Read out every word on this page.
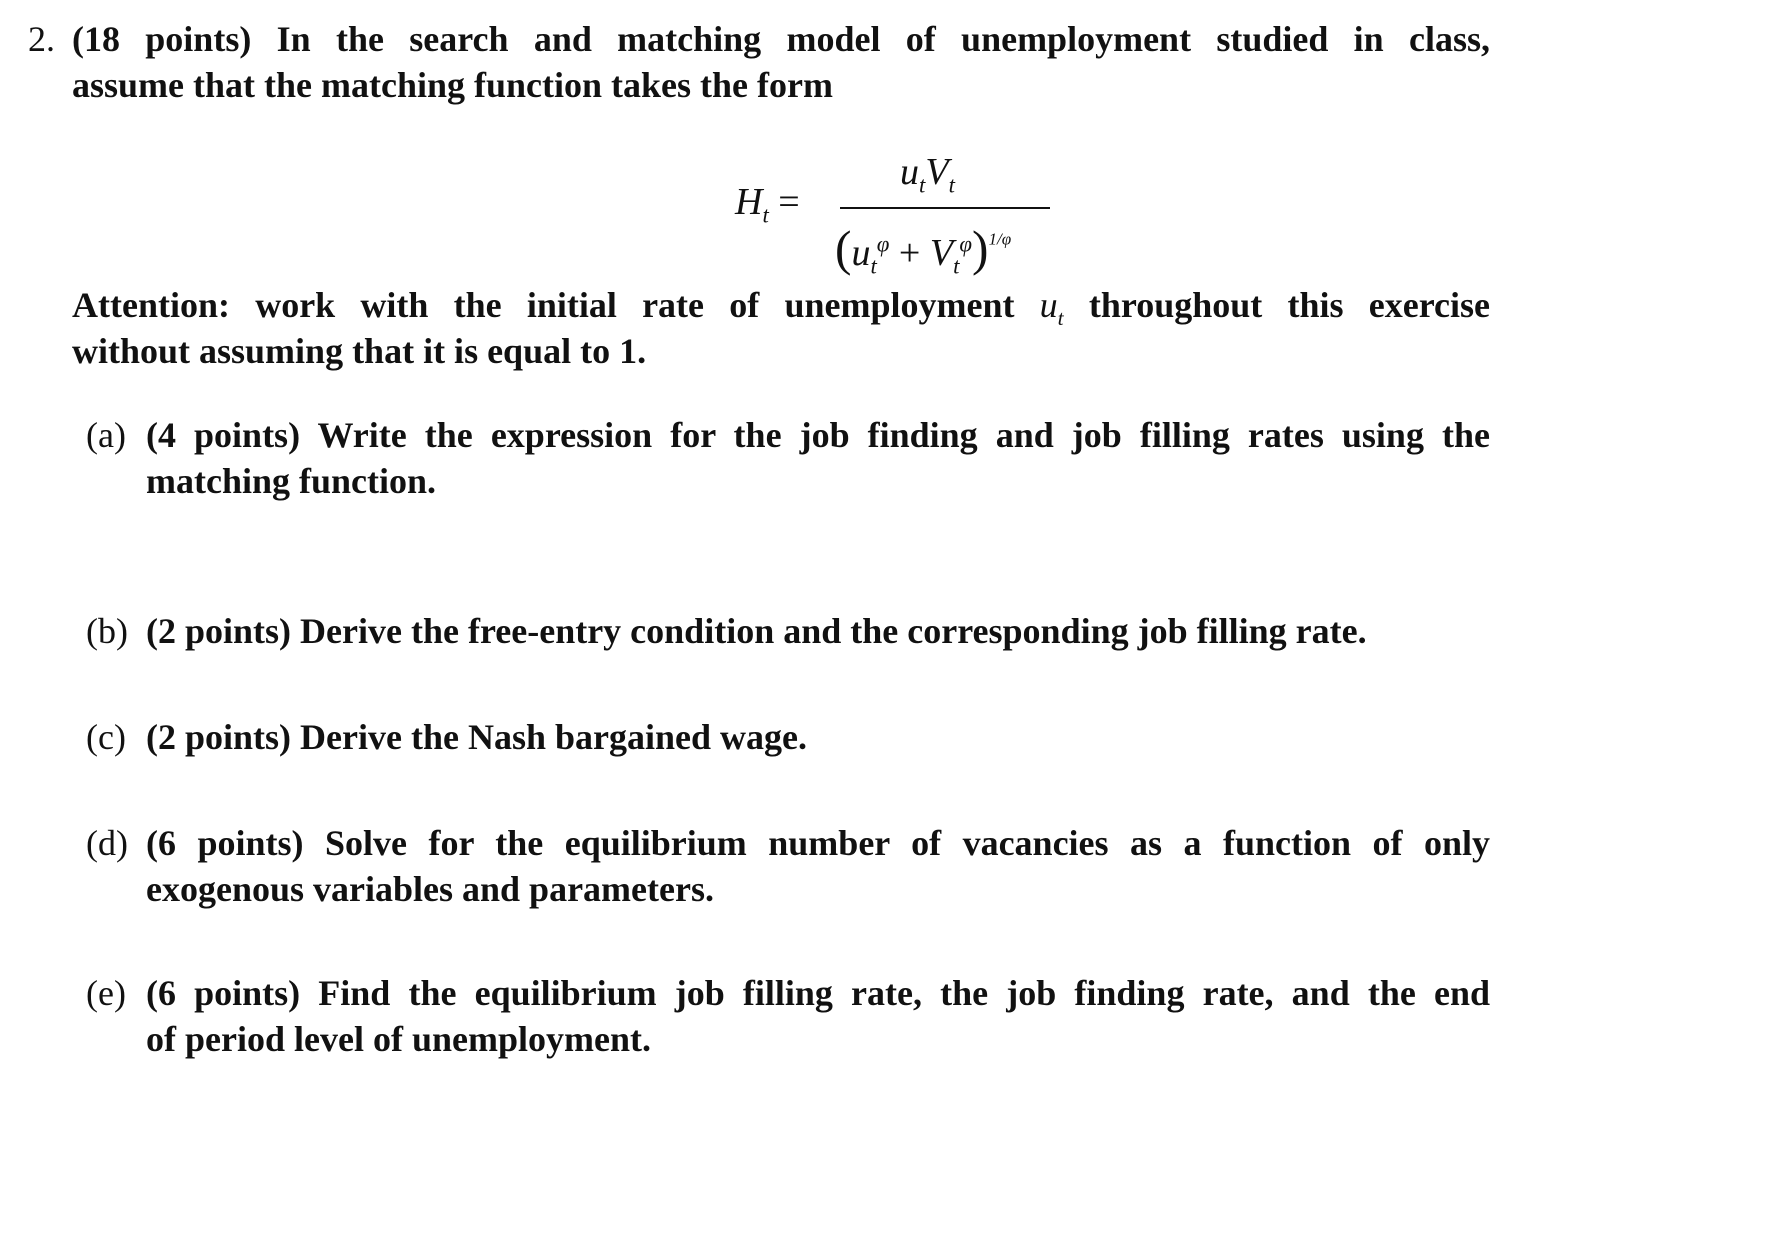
2. (18 points) In the search and matching model of unemployment studied in class,
assume that the matching function takes the form
$H_t$ =
$u_tV_t$
$(u_t^\varphi + V_t^\varphi)^{1/\varphi}$
Attention: work with the initial rate of unemployment $u_t$ throughout this exercise
without assuming that it is equal to 1.
(a) (4 points) Write the expression for the job finding and job filling rates using the
matching function.
(b) (2 points) Derive the free-entry condition and the corresponding job filling rate.
(c) (2 points) Derive the Nash bargained wage.
(d) (6 points) Solve for the equilibrium number of vacancies as a function of only
exogenous variables and parameters.
(e) (6 points) Find the equilibrium job filling rate, the job finding rate, and the end
of period level of unemployment.
